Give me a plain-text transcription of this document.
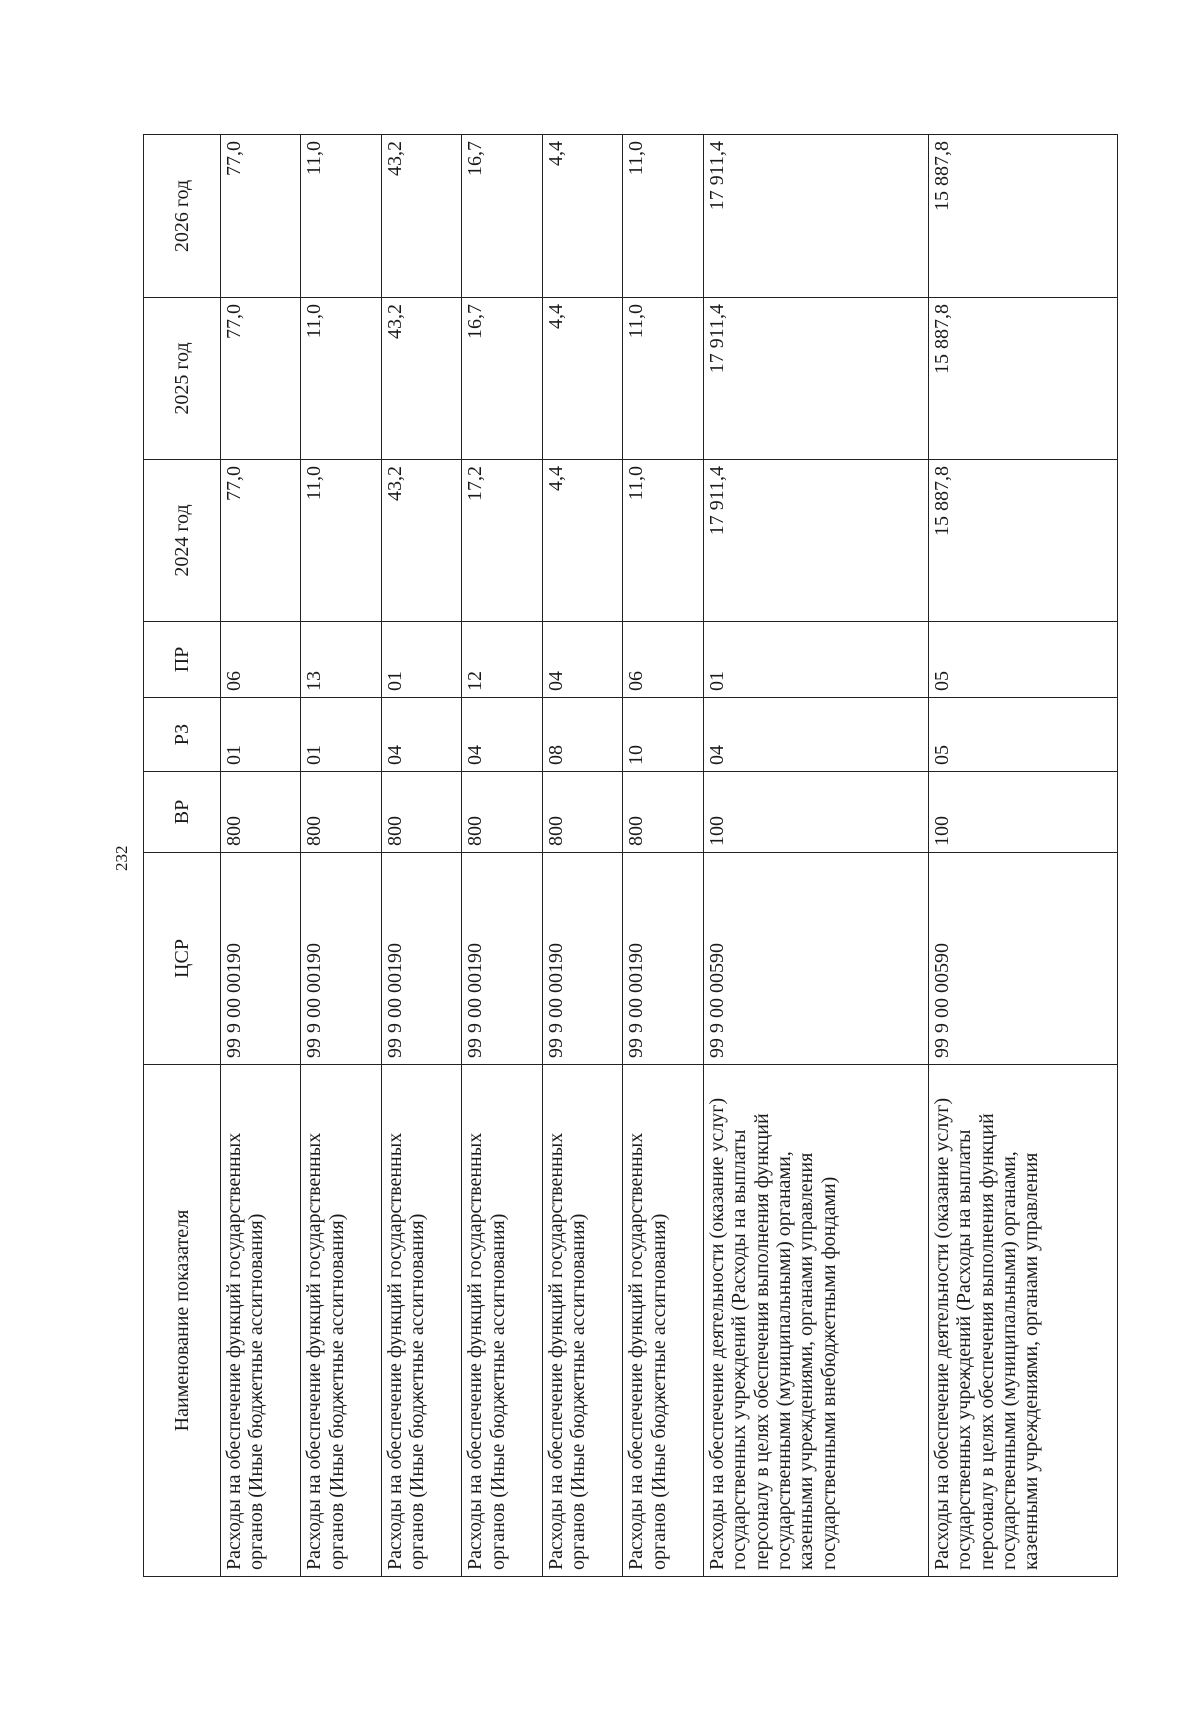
232
Наименование показателя	ЦСР	ВР	РЗ	ПР	2024 год	2025 год	2026 год
Расходы на обеспечение функций государственных органов (Иные бюджетные ассигнования)	99 9 00 00190	800	01	06	77,0	77,0	77,0
Расходы на обеспечение функций государственных органов (Иные бюджетные ассигнования)	99 9 00 00190	800	01	13	11,0	11,0	11,0
Расходы на обеспечение функций государственных органов (Иные бюджетные ассигнования)	99 9 00 00190	800	04	01	43,2	43,2	43,2
Расходы на обеспечение функций государственных органов (Иные бюджетные ассигнования)	99 9 00 00190	800	04	12	17,2	16,7	16,7
Расходы на обеспечение функций государственных органов (Иные бюджетные ассигнования)	99 9 00 00190	800	08	04	4,4	4,4	4,4
Расходы на обеспечение функций государственных органов (Иные бюджетные ассигнования)	99 9 00 00190	800	10	06	11,0	11,0	11,0
Расходы на обеспечение деятельности (оказание услуг) государственных учреждений (Расходы на выплаты персоналу в целях обеспечения выполнения функций государственными (муниципальными) органами, казенными учреждениями, органами управления государственными внебюджетными фондами)	99 9 00 00590	100	04	01	17 911,4	17 911,4	17 911,4
Расходы на обеспечение деятельности (оказание услуг) государственных учреждений (Расходы на выплаты персоналу в целях обеспечения выполнения функций государственными (муниципальными) органами, казенными учреждениями, органами управления	99 9 00 00590	100	05	05	15 887,8	15 887,8	15 887,8
